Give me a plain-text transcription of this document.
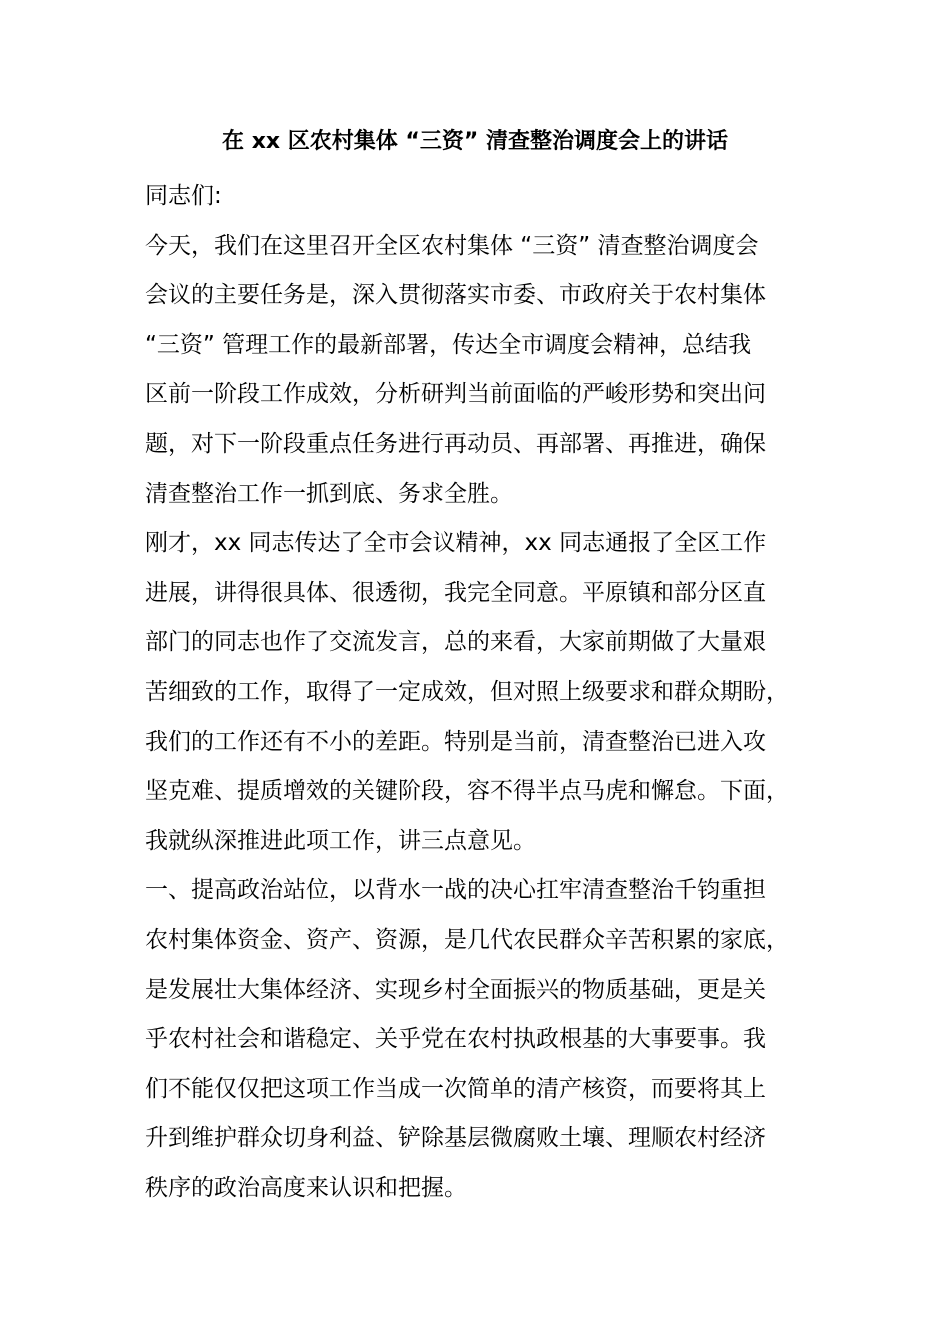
在 xx 区农村集体 “三资” 清查整治调度会上的讲话
同志们:
今天，我们在这里召开全区农村集体 “三资” 清查整治调度会
会议的主要任务是，深入贯彻落实市委、市政府关于农村集体
“三资” 管理工作的最新部署，传达全市调度会精神，总结我
区前一阶段工作成效，分析研判当前面临的严峻形势和突出问
题，对下一阶段重点任务进行再动员、再部署、再推进，确保
清查整治工作一抓到底、务求全胜。
刚才，xx 同志传达了全市会议精神，xx 同志通报了全区工作
进展，讲得很具体、很透彻，我完全同意。平原镇和部分区直
部门的同志也作了交流发言，总的来看，大家前期做了大量艰
苦细致的工作，取得了一定成效，但对照上级要求和群众期盼，
我们的工作还有不小的差距。特别是当前，清查整治已进入攻
坚克难、提质增效的关键阶段，容不得半点马虎和懈怠。下面，
我就纵深推进此项工作，讲三点意见。
一、提高政治站位，以背水一战的决心扛牢清查整治千钧重担
农村集体资金、资产、资源，是几代农民群众辛苦积累的家底，
是发展壮大集体经济、实现乡村全面振兴的物质基础，更是关
乎农村社会和谐稳定、关乎党在农村执政根基的大事要事。我
们不能仅仅把这项工作当成一次简单的清产核资，而要将其上
升到维护群众切身利益、铲除基层微腐败土壤、理顺农村经济
秩序的政治高度来认识和把握。
